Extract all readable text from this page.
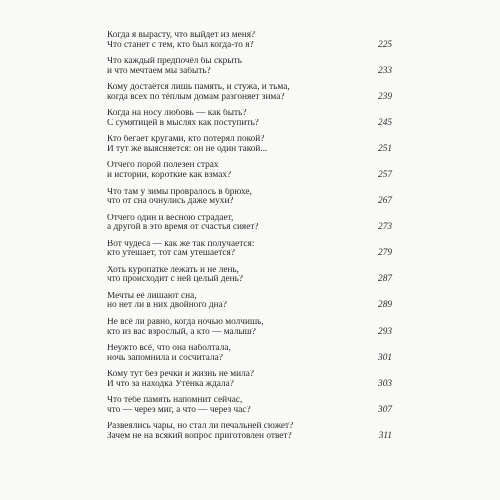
Когда я вырасту, что выйдет из меня?
Что станет с тем, кто был когда-то я?	225
Что каждый предпочёл бы скрыть
и что мечтаем мы забыть?	233
Кому достаётся лишь память, и стужа, и тьма,
когда всех по тёплым домам разгоняет зима?	239
Когда на носу любовь — как быть?
С сумятицей в мыслях как поступить?	245
Кто бегает кругами, кто потерял покой?
И тут же выясняется: он не один такой...	251
Отчего порой полезен страх
и истории, короткие как взмах?	257
Что там у зимы провралось в брюхе,
что от сна очнулись даже мухи?	267
Отчего один и весною страдает,
а другой в это время от счастья сияет?	273
Вот чудеса — как же так получается:
кто утешает, тот сам утешается?	279
Хоть куропатке лежать и не лень,
что происходит с ней целый день?	287
Мечты её лишают сна,
но нет ли в них двойного дна?	289
Не всё ли равно, когда ночью молчишь,
кто из вас взрослый, а кто — малыш?	293
Неужто всё, что она наболтала,
ночь запомнила и сосчитала?	301
Кому тут без речки и жизнь не мила?
И что за находка Утёнка ждала?	303
Что тебе память напомнит сейчас,
что — через миг, а что — через час?	307
Развеялись чары, но стал ли печальней сюжет?
Зачем не на всякий вопрос приготовлен ответ?	311
